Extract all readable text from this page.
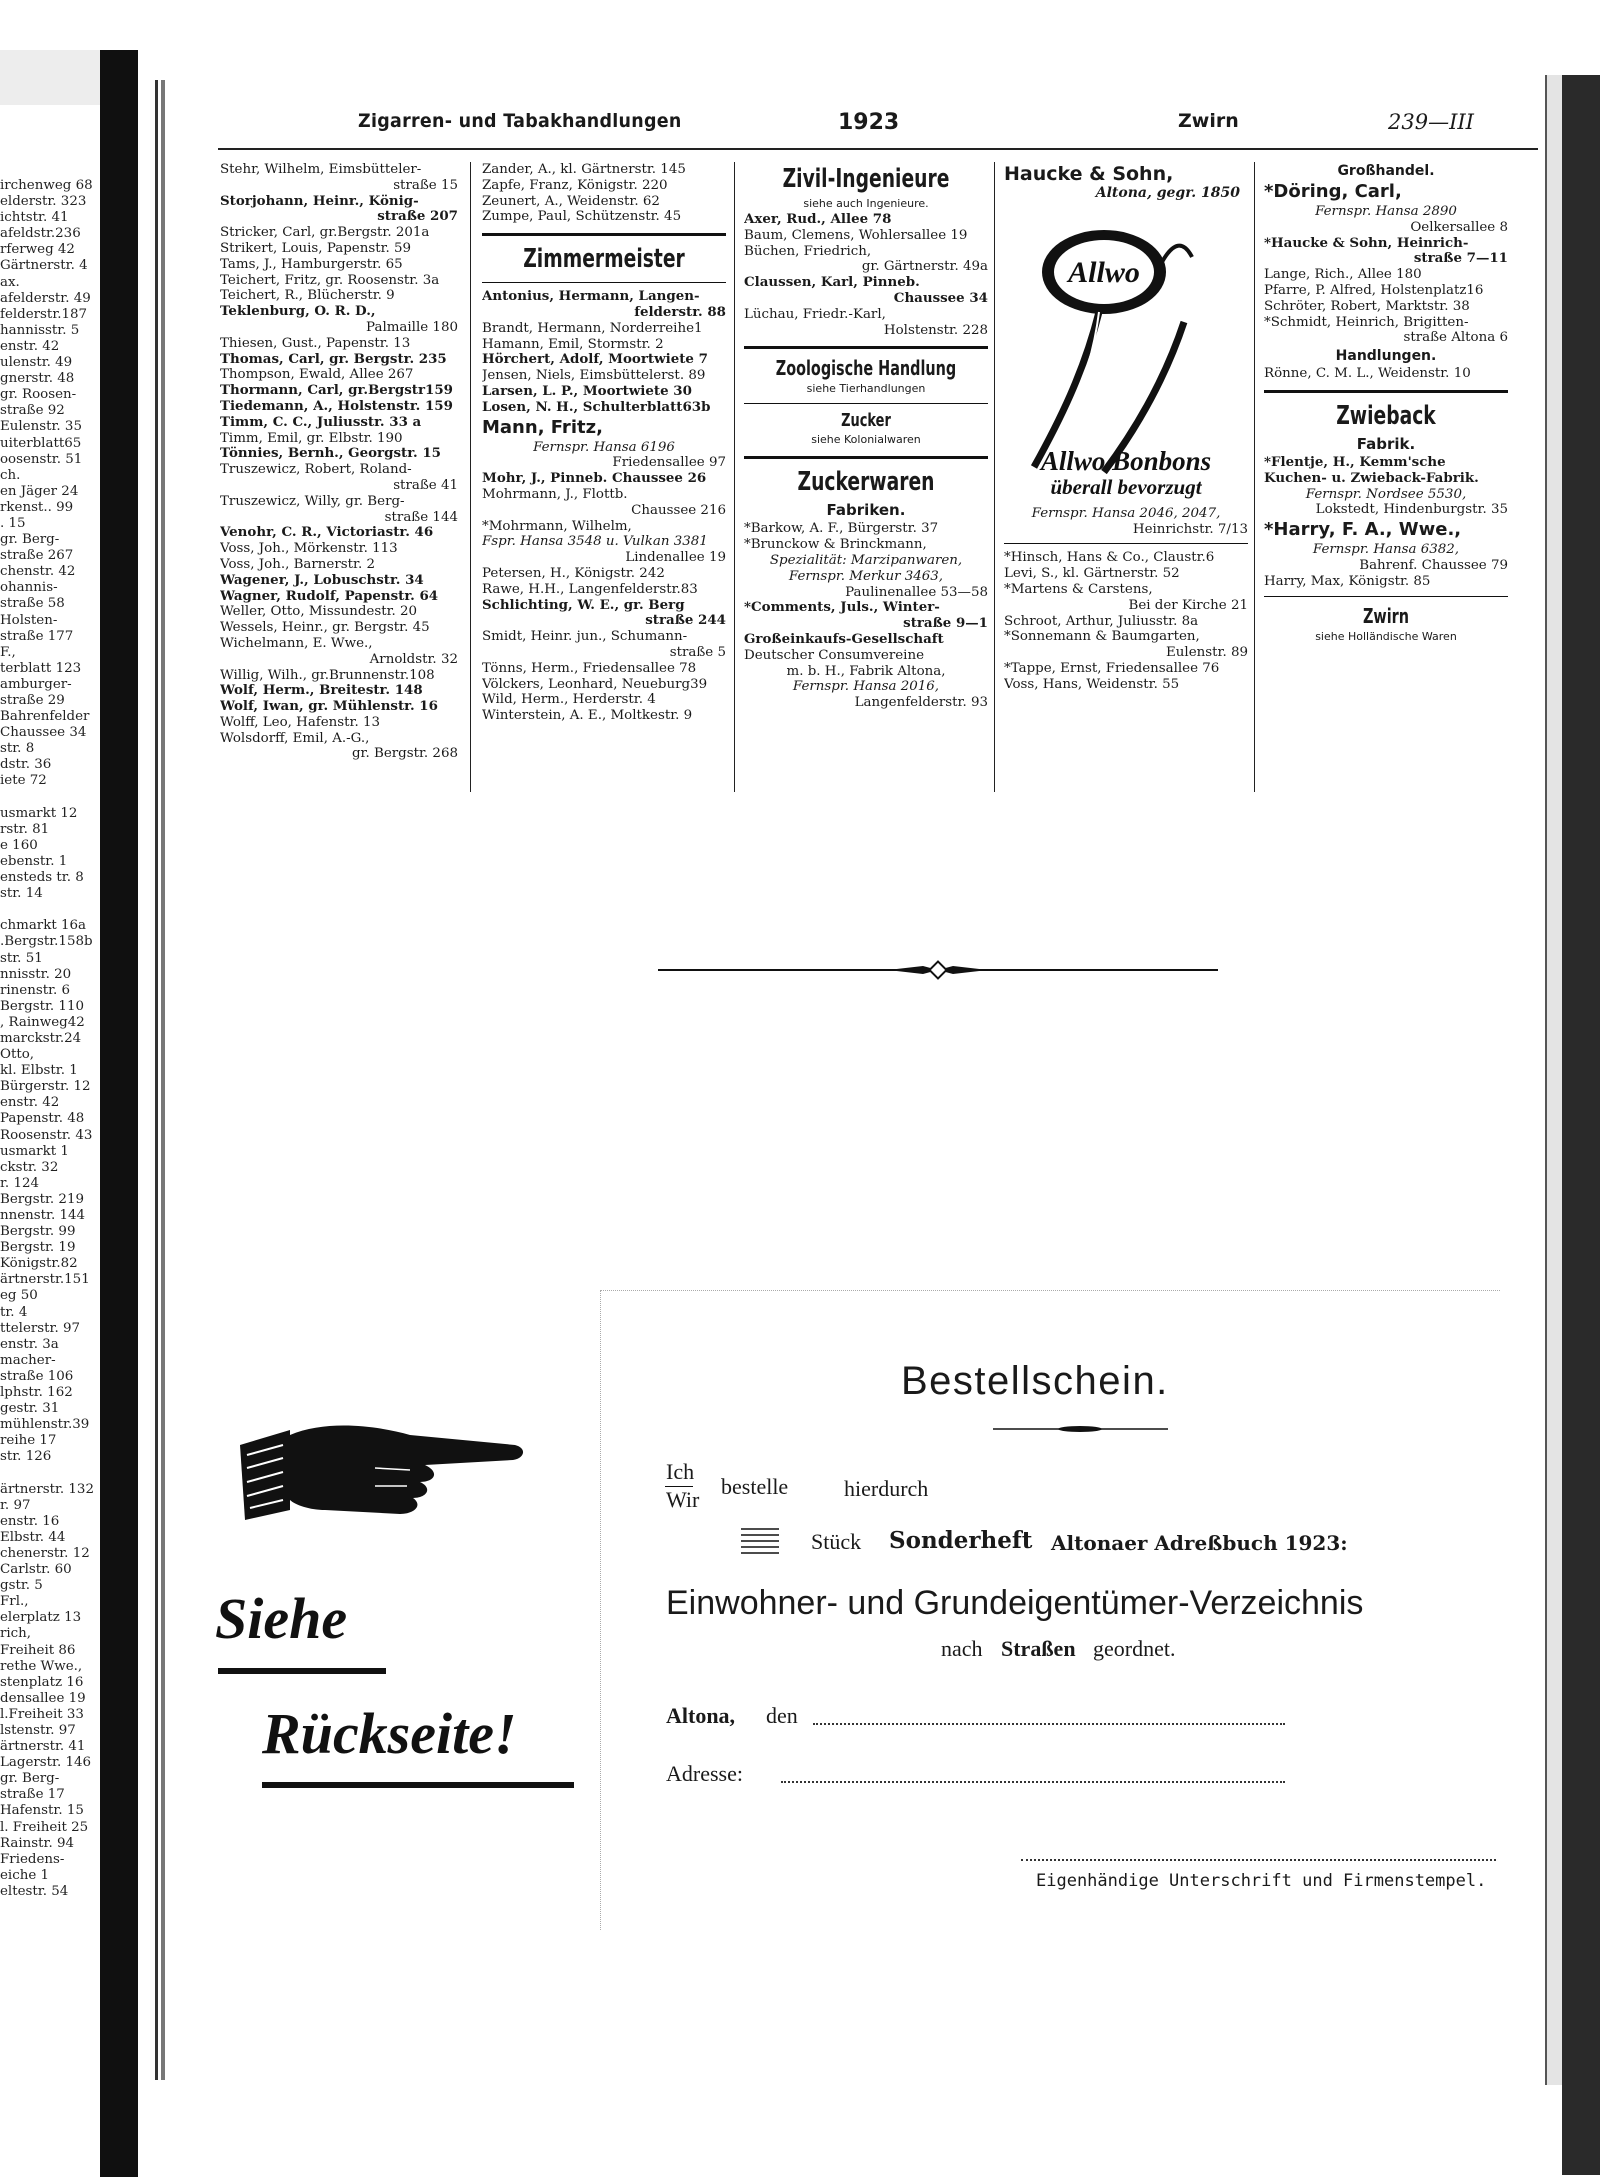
irchenweg 68
elderstr. 323
ichtstr. 41
afeldstr.236
rferweg 42
Gärtnerstr. 4
ax.
afelderstr. 49
felderstr.187
hannisstr. 5
enstr. 42
ulenstr. 49
gnerstr. 48
gr. Roosen-
straße 92
Eulenstr. 35
uiterblatt65
oosenstr. 51
ch.
en Jäger 24
rkenst.. 99
. 15
gr. Berg-
straße 267
chenstr. 42
ohannis-
straße 58
Holsten-
straße 177
F.,
terblatt 123
amburger-
straße 29
Bahrenfelder
Chaussee 34
str. 8
dstr. 36
iete 72

usmarkt 12
rstr. 81
e 160
ebenstr. 1
ensteds tr. 8
str. 14

chmarkt 16a
.Bergstr.158b
str. 51
nnisstr. 20
rinenstr. 6
Bergstr. 110
, Rainweg42
marckstr.24
Otto,
kl. Elbstr. 1
Bürgerstr. 12
enstr. 42
Papenstr. 48
Roosenstr. 43
usmarkt 1
ckstr. 32
r. 124
Bergstr. 219
nnenstr. 144
Bergstr. 99
Bergstr. 19
Königstr.82
ärtnerstr.151
eg 50
tr. 4
ttelerstr. 97
enstr. 3a
macher-
straße 106
lphstr. 162
gestr. 31
mühlenstr.39
reihe 17
str. 126

ärtnerstr. 132
r. 97
enstr. 16
Elbstr. 44
chenerstr. 12
Carlstr. 60
gstr. 5
Frl.,
elerplatz 13
rich,
Freiheit 86
rethe Wwe.,
stenplatz 16
densallee 19
l.Freiheit 33
lstenstr. 97
ärtnerstr. 41
Lagerstr. 146
gr. Berg-
straße 17
Hafenstr. 15
l. Freiheit 25
Rainstr. 94
Friedens-
eiche 1
eltestr. 54
Zigarren- und Tabakhandlungen	1923	Zwirn	239—III
Stehr, Wilhelm, Eimsbütteler-
straße 15
Storjohann, Heinr., König-
straße 207
Stricker, Carl, gr.Bergstr. 201a
Strikert, Louis, Papenstr. 59
Tams, J., Hamburgerstr. 65
Teichert, Fritz, gr. Roosenstr. 3a
Teichert, R., Blücherstr. 9
Teklenburg, O. R. D.,
Palmaille 180
Thiesen, Gust., Papenstr. 13
Thomas, Carl, gr. Bergstr. 235
Thompson, Ewald, Allee 267
Thormann, Carl, gr.Bergstr159
Tiedemann, A., Holstenstr. 159
Timm, C. C., Juliusstr. 33 a
Timm, Emil, gr. Elbstr. 190
Tönnies, Bernh., Georgstr. 15
Truszewicz, Robert, Roland-
straße 41
Truszewicz, Willy, gr. Berg-
straße 144
Venohr, C. R., Victoriastr. 46
Voss, Joh., Mörkenstr. 113
Voss, Joh., Barnerstr. 2
Wagener, J., Lobuschstr. 34
Wagner, Rudolf, Papenstr. 64
Weller, Otto, Missundestr. 20
Wessels, Heinr., gr. Bergstr. 45
Wichelmann, E. Wwe.,
Arnoldstr. 32
Willig, Wilh., gr.Brunnenstr.108
Wolf, Herm., Breitestr. 148
Wolf, Iwan, gr. Mühlenstr. 16
Wolff, Leo, Hafenstr. 13
Wolsdorff, Emil, A.-G.,
gr. Bergstr. 268
Zander, A., kl. Gärtnerstr. 145
Zapfe, Franz, Königstr. 220
Zeunert, A., Weidenstr. 62
Zumpe, Paul, Schützenstr. 45
Zimmermeister
Antonius, Hermann, Langen-
felderstr. 88
Brandt, Hermann, Norderreihe1
Hamann, Emil, Stormstr. 2
Hörchert, Adolf, Moortwiete 7
Jensen, Niels, Eimsbüttelerst. 89
Larsen, L. P., Moortwiete 30
Losen, N. H., Schulterblatt63b
Mann, Fritz,
Fernspr. Hansa 6196
Friedensallee 97
Mohr, J., Pinneb. Chaussee 26
Mohrmann, J., Flottb.
Chaussee 216
*Mohrmann, Wilhelm,
Fspr. Hansa 3548 u. Vulkan 3381
Lindenallee 19
Petersen, H., Königstr. 242
Rawe, H.H., Langenfelderstr.83
Schlichting, W. E., gr. Berg
straße 244
Smidt, Heinr. jun., Schumann-
straße 5
Tönns, Herm., Friedensallee 78
Völckers, Leonhard, Neueburg39
Wild, Herm., Herderstr. 4
Winterstein, A. E., Moltkestr. 9
Zivil-Ingenieure
siehe auch Ingenieure.
Axer, Rud., Allee 78
Baum, Clemens, Wohlersallee 19
Büchen, Friedrich,
gr. Gärtnerstr. 49a
Claussen, Karl, Pinneb.
Chaussee 34
Lüchau, Friedr.-Karl,
Holstenstr. 228
Zoologische Handlung
siehe Tierhandlungen
Zucker
siehe Kolonialwaren
Zuckerwaren
Fabriken.
*Barkow, A. F., Bürgerstr. 37
*Brunckow & Brinckmann,
Spezialität: Marzipanwaren,
Fernspr. Merkur 3463,
Paulinenallee 53—58
*Comments, Juls., Winter-
straße 9—1
Großeinkaufs-Gesellschaft
Deutscher Consumvereine
m. b. H., Fabrik Altona,
Fernspr. Hansa 2016,
Langenfelderstr. 93
Haucke & Sohn,
Altona, gegr. 1850
Allwo
Allwo Bonbons
überall bevorzugt
Fernspr. Hansa 2046, 2047,
Heinrichstr. 7/13
*Hinsch, Hans & Co., Claustr.6
Levi, S., kl. Gärtnerstr. 52
*Martens & Carstens,
Bei der Kirche 21
Schroot, Arthur, Juliusstr. 8a
*Sonnemann & Baumgarten,
Eulenstr. 89
*Tappe, Ernst, Friedensallee 76
Voss, Hans, Weidenstr. 55
Großhandel.
*Döring, Carl,
Fernspr. Hansa 2890
Oelkersallee 8
*Haucke & Sohn, Heinrich-
straße 7—11
Lange, Rich., Allee 180
Pfarre, P. Alfred, Holstenplatz16
Schröter, Robert, Marktstr. 38
*Schmidt, Heinrich, Brigitten-
straße Altona 6
Handlungen.
Rönne, C. M. L., Weidenstr. 10
Zwieback
Fabrik.
*Flentje, H., Kemm'sche
Kuchen- u. Zwieback-Fabrik.
Fernspr. Nordsee 5530,
Lokstedt, Hindenburgstr. 35
*Harry, F. A., Wwe.,
Fernspr. Hansa 6382,
Bahrenf. Chaussee 79
Harry, Max, Königstr. 85
Zwirn
siehe Holländische Waren
Siehe
Rückseite!
Bestellschein.
Ich
Wir
bestelle	hierdurch
Stück Sonderheft Altonaer Adreßbuch 1923:
Einwohner- und Grundeigentümer-Verzeichnis
nach Straßen geordnet.
Altona, den
Adresse:
Eigenhändige Unterschrift und Firmenstempel.
